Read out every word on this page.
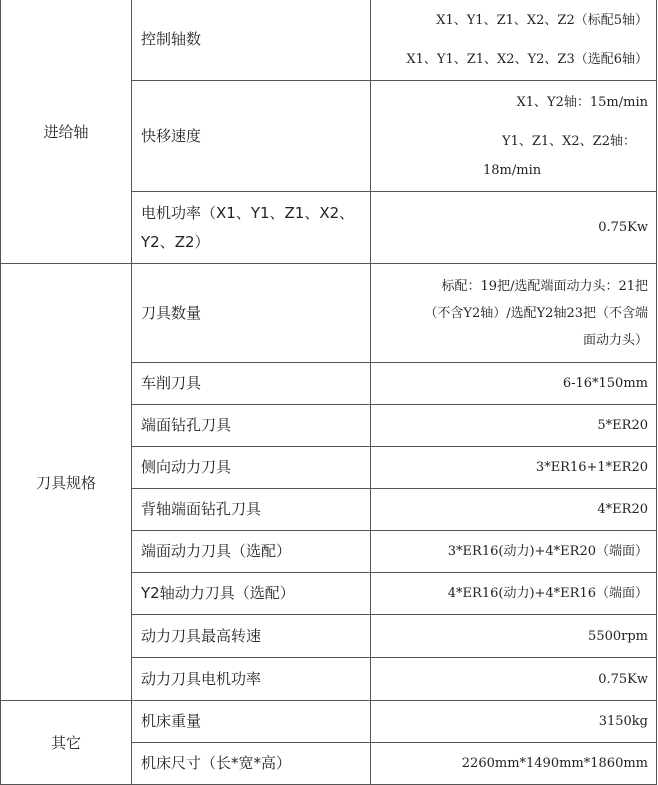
进给轴	控制轴数	X1、Y1、Z1、X2、Z2（标配5轴）
X1、Y1、Z1、X2、Y2、Z3（选配6轴）

	快移速度	X1、Y2轴：15m/min
Y1、Z1、X2、Z2轴：
18m/min

	电机功率（X1、Y1、Z1、X2、Y2、Z2）	0.75Kw
刀具规格	刀具数量	标配：19把/选配端面动力头：21把
（不含Y2轴）/选配Y2轴23把（不含端
面动力头）

	车削刀具	6-16*150mm
	端面钻孔刀具	5*ER20
	侧向动力刀具	3*ER16+1*ER20
	背轴端面钻孔刀具	4*ER20
	端面动力刀具（选配）	3*ER16(动力)+4*ER20（端面）
	Y2轴动力刀具（选配）	4*ER16(动力)+4*ER16（端面）
	动力刀具最高转速	5500rpm
	动力刀具电机功率	0.75Kw
其它	机床重量	3150kg
	机床尺寸（长*宽*高）	2260mm*1490mm*1860mm
